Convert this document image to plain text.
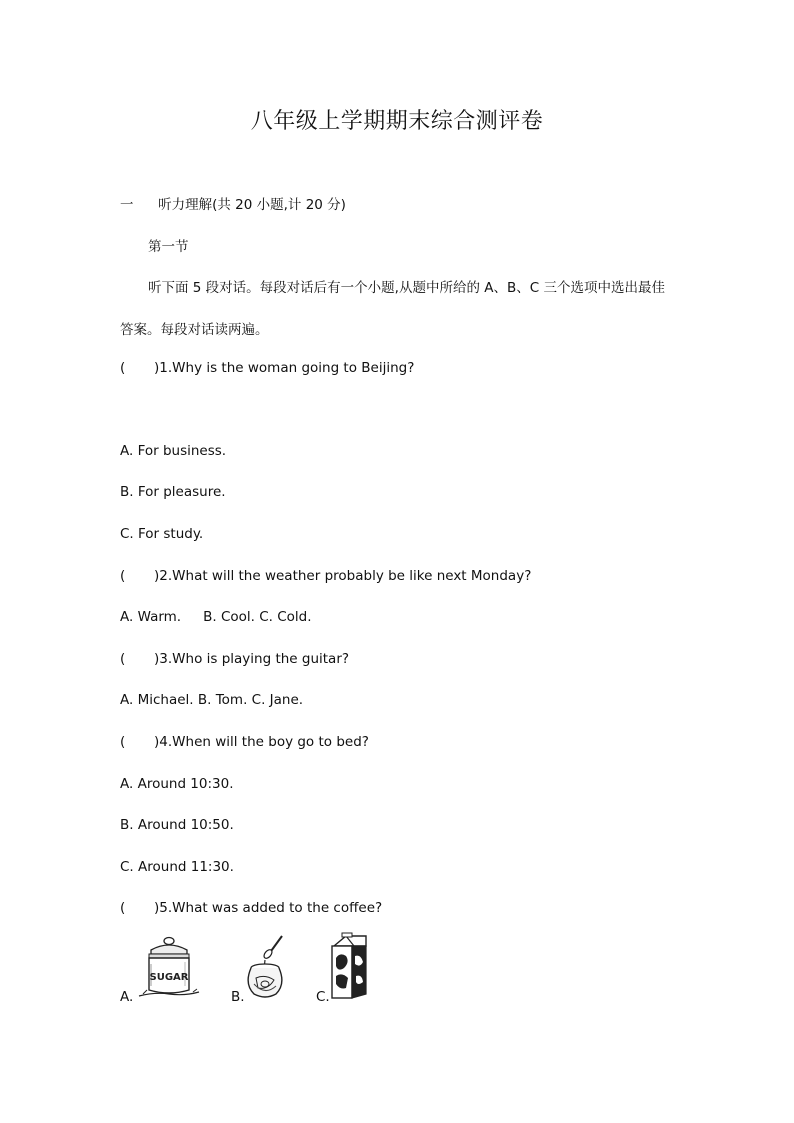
八年级上学期期末综合测评卷
一 听力理解(共 20 小题,计 20 分)
第一节
听下面 5 段对话。每段对话后有一个小题,从题中所给的 A、B、C 三个选项中选出最佳
答案。每段对话读两遍。
( )1.Why is the woman going to Beijing?
A. For business.
B. For pleasure.
C. For study.
( )2.What will the weather probably be like next Monday?
A. Warm. B. Cool. C. Cold.
( )3.Who is playing the guitar?
A. Michael. B. Tom. C. Jane.
( )4.When will the boy go to bed?
A. Around 10:30.
B. Around 10:50.
C. Around 11:30.
( )5.What was added to the coffee?
A.
SUGAR
B.	C.
